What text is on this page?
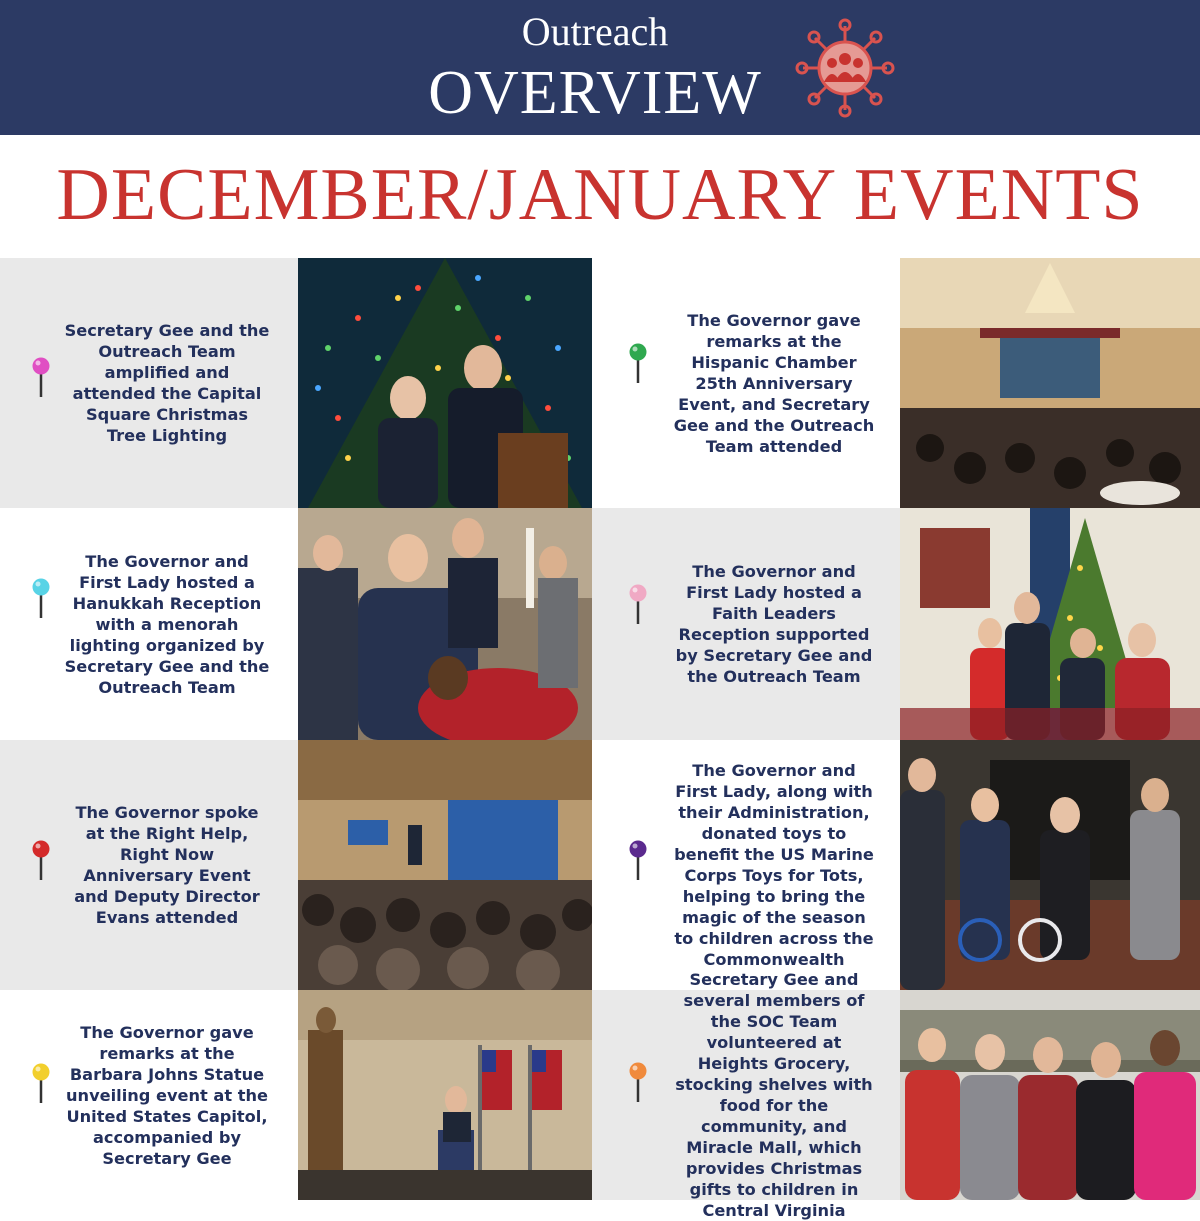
Outreach
OVERVIEW
DECEMBER/JANUARY EVENTS

Secretary Gee and the Outreach Team amplified and attended the Capital Square Christmas Tree Lighting

The Governor gave remarks at the Hispanic Chamber 25th Anniversary Event, and Secretary Gee and the Outreach Team attended

The Governor and First Lady hosted a Hanukkah Reception with a menorah lighting organized by Secretary Gee and the Outreach Team

The Governor and First Lady hosted a Faith Leaders Reception supported by Secretary Gee and the Outreach Team

The Governor spoke at the Right Help, Right Now Anniversary Event and Deputy Director Evans attended

The Governor and First Lady, along with their Administration, donated toys to benefit the US Marine Corps Toys for Tots, helping to bring the magic of the season to children across the Commonwealth

The Governor gave remarks at the Barbara Johns Statue unveiling event at the United States Capitol, accompanied by Secretary Gee

Secretary Gee and several members of the SOC Team volunteered at Heights Grocery, stocking shelves with food for the community, and Miracle Mall, which provides Christmas gifts to children in Central Virginia
